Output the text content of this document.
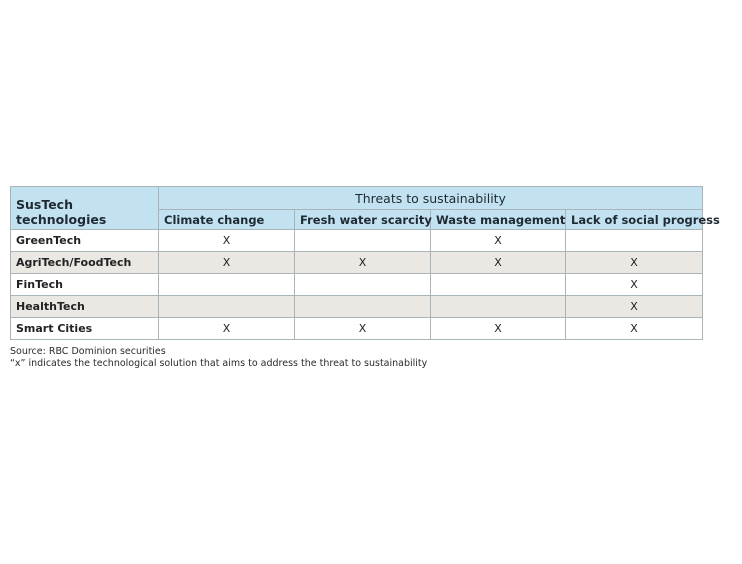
SusTech technologies	Threats to sustainability			
	Climate change	Fresh water scarcity	Waste management	Lack of social progress
GreenTech	X		X	
AgriTech/FoodTech	X	X	X	X
FinTech				X
HealthTech				X
Smart Cities	X	X	X	X
Source: RBC Dominion securities
“x” indicates the technological solution that aims to address the threat to sustainability
